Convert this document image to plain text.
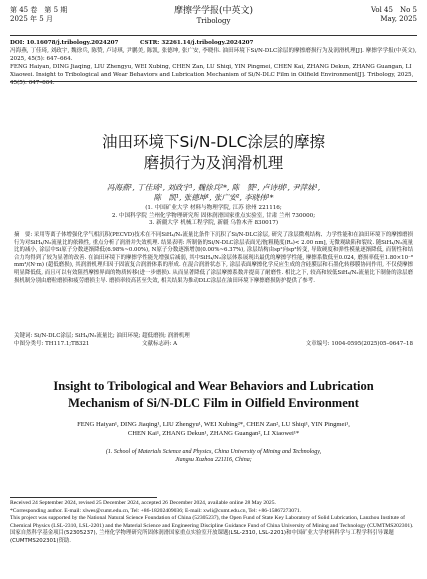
第 45 卷　第 5 期
2025 年 5 月
摩擦学学报(中英文)
Tribology
Vol 45　No 5
May, 2025
DOI: 10.16078/j.tribology.2024207	CSTR: 32261.14/j.tribology.2024207
冯海燕, 丁佳琦, 刘政宇, 魏徐兵, 陈赞, 卢诗琪, 尹鹏美, 陈凯, 张德坤, 张广安, 李晓伟. 油田环境下Si/N-DLC涂层的摩擦磨损行为及润滑机理[J]. 摩擦学学报(中英文), 2025, 45(5): 647–664.
FENG Haiyan, DING Jiaqing, LIU Zhengyu, WEI Xubing, CHEN Zan, LU Shiqi, YIN Pingmei, CHEN Kai, ZHANG Dekun, ZHANG Guangan, LI Xiaowei. Insight to Tribological and Wear Behaviors and Lubrication Mechanism of Si/N-DLC Film in Oilfield Environment[J]. Tribology, 2025, 45(5): 647–664.
油田环境下Si/N-DLC涂层的摩擦
磨损行为及润滑机理
冯海燕¹, 丁佳琦¹, 刘政宇¹, 魏徐兵²*, 陈　赞², 卢诗琪¹, 尹萍妹¹,
陈　凯¹, 张德坤¹, 张广安², 李晓伟¹*
(1. 中国矿业大学 材料与物理学院, 江苏 徐州 221116;
2. 中国科学院 兰州化学物理研究所 固体润滑国家重点实验室, 甘肃 兰州 730000;
3. 新疆大学 机械工程学院, 新疆 乌鲁木齐 830017)
摘　要: 采用等离子体增强化学气相沉积(PECVD)技术在不同SiH₄/N₂流量比条件下沉积了Si/N-DLC涂层, 研究了涂层微观结构、力学性能和在油田环境下的摩擦磨损行为对SiH₄/N₂流量比的依赖性, 重点分析了润滑并失效机理. 结果表明: 所制备的Si/N-DLC涂层表面光滑[粗糙度(Rₐ)< 2.00 nm], 无微观缺陷和裂纹. 随SiH₄/N₂流量比的减小, 涂层中Si原子分数逐渐降低(6.98%~0.00%), N原子分数逐渐增加(0.00%~6.37%), 涂层结构由sp²向sp³转变, 导致硬度和弹性模量逐渐降低, 而韧性和结合力均得到了较为显著的改善. 在油田环境下的摩擦学性能先增强后减弱, 其中SiH₄/N₂涂层体系展现出最优的摩擦学性能, 摩擦系数低至0.024, 磨损率低至1.80×10⁻⁸ mm³/(N·m) (超低磨损), 其润滑机理归因于固液复合润滑体系的形成. 在混合润滑状态下, 涂层表面摩擦化学反应生成的含硅膜层和石墨化转移膜协同作用, 不仅使摩擦明显降低低, 而且可以有效阻挡摩擦界面的物质转移(进一步磨损). 从而显著降低了涂层摩擦系数并提高了耐磨性. 相比之下, 较高和较低SiH₄/N₂流量比下制备的涂层磨损机制分别由磨粒磨损和疲劳磨损主导. 磨损率较高甚至失效, 相关结果为推动DLC涂层在油田环境下摩擦磨损防护提供了参考.
关键词: Si/N-DLC涂层; SiH₄/N₂流量比; 油田环境; 超低磨损; 润滑机理
中图分类号: TH117.1;TB321	文献标志码: A	文章编号: 1004-0595(2025)05–0647–18
Insight to Tribological and Wear Behaviors and Lubrication
Mechanism of Si/N-DLC Film in Oilfield Environment
FENG Haiyan¹, DING Jiaqing¹, LIU Zhengyu¹, WEI Xubing²*, CHEN Zan², LU Shiqi¹, YIN Pingmei¹,
CHEN Kai¹, ZHANG Dekun¹, ZHANG Guangan², LI Xiaowei¹*
(1. School of Materials Science and Physics, China University of Mining and Technology,
Jiangsu Xuzhou 221116, China;
Received 24 September 2024, revised 25 December 2024, accepted 26 December 2024, available online 28 May 2025.
*Corresponding author. E-mail: xlwes@cumt.edu.cn, Tel: +86-18202409036; E-mail: xwli@cumt.edu.cn, Tel: +86-15867273071.
This project was supported by the National Natural Science Foundation of China (52305237), the Open Fund of State Key Laboratory of Solid Lubrication, Lanzhou Institute of Chemical Physics (LSL-2310, LSL-2201) and the Material Science and Engineering Discipline Guidance Fund of China University of Mining and Technology (CUMTMS202301).
国家自然科学基金项目(52305237), 兰州化学物理研究所固体润滑国家重点实验室开放课题(LSL-2310, LSL-2201)和中国矿业大学材料科学与工程学科引导课题(CUMTMS202301)资助.
